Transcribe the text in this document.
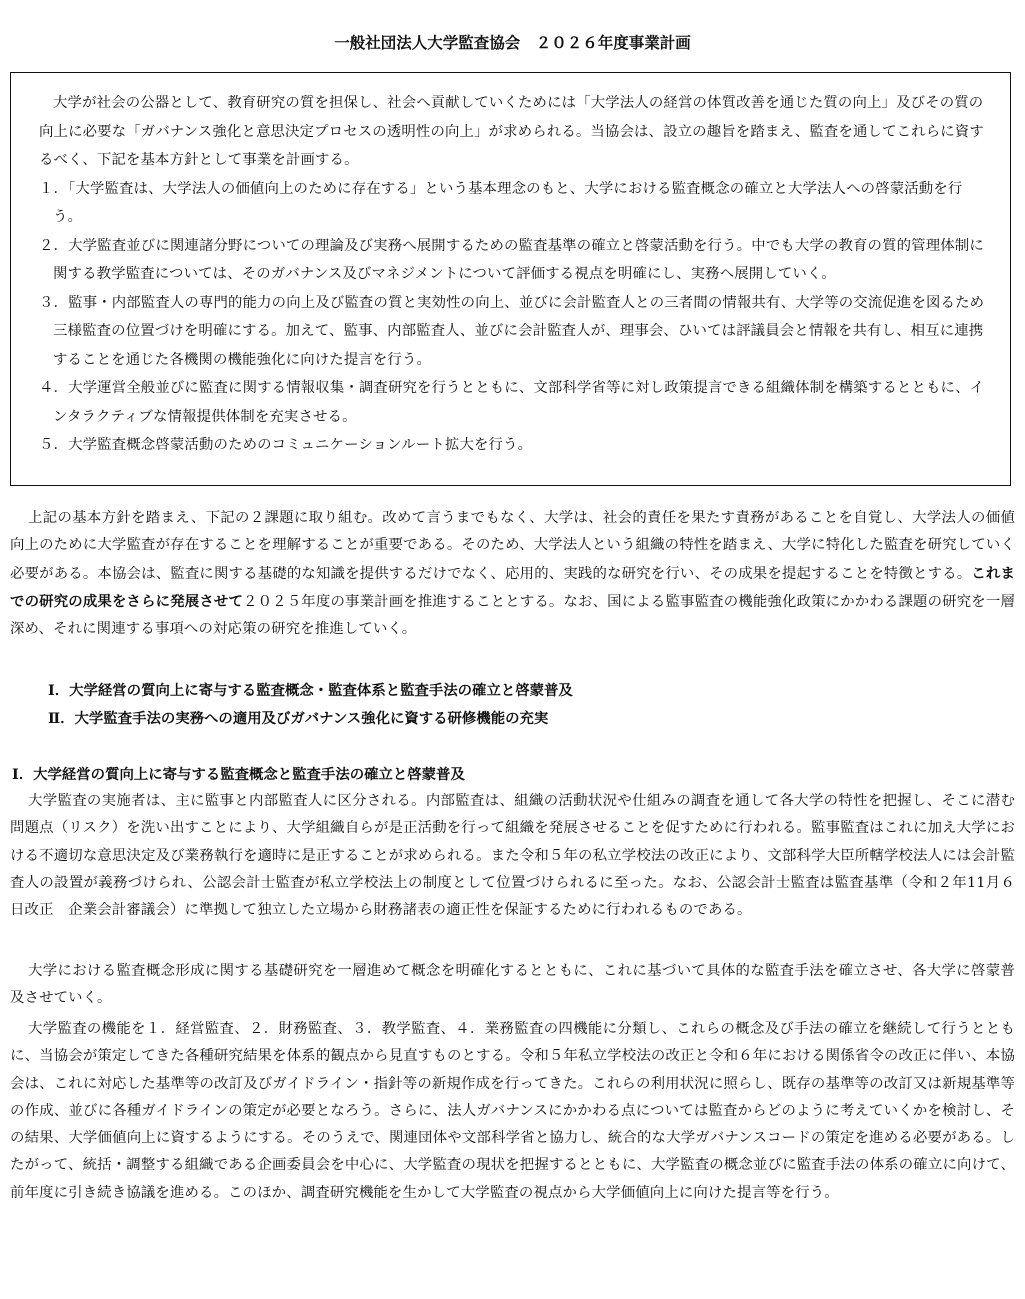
一般社団法人大学監査協会　２０２６年度事業計画

大学が社会の公器として、教育研究の質を担保し、社会へ貢献していくためには「大学法人の経営の体質改善を通じた質の向上」及びその質の向上に必要な「ガバナンス強化と意思決定プロセスの透明性の向上」が求められる。当協会は、設立の趣旨を踏まえ、監査を通してこれらに資するべく、下記を基本方針として事業を計画する。

１．「大学監査は、大学法人の価値向上のために存在する」という基本理念のもと、大学における監査概念の確立と大学法人への啓蒙活動を行う。

２．大学監査並びに関連諸分野についての理論及び実務へ展開するための監査基準の確立と啓蒙活動を行う。中でも大学の教育の質的管理体制に関する教学監査については、そのガバナンス及びマネジメントについて評価する視点を明確にし、実務へ展開していく。

３．監事・内部監査人の専門的能力の向上及び監査の質と実効性の向上、並びに会計監査人との三者間の情報共有、大学等の交流促進を図るため三様監査の位置づけを明確にする。加えて、監事、内部監査人、並びに会計監査人が、理事会、ひいては評議員会と情報を共有し、相互に連携することを通じた各機関の機能強化に向けた提言を行う。

４．大学運営全般並びに監査に関する情報収集・調査研究を行うとともに、文部科学省等に対し政策提言できる組織体制を構築するとともに、インタラクティブな情報提供体制を充実させる。

５．大学監査概念啓蒙活動のためのコミュニケーションルート拡大を行う。

上記の基本方針を踏まえ、下記の２課題に取り組む。改めて言うまでもなく、大学は、社会的責任を果たす責務があることを自覚し、大学法人の価値向上のために大学監査が存在することを理解することが重要である。そのため、大学法人という組織の特性を踏まえ、大学に特化した監査を研究していく必要がある。本協会は、監査に関する基礎的な知識を提供するだけでなく、応用的、実践的な研究を行い、その成果を提起することを特徴とする。これまでの研究の成果をさらに発展させて２０２５年度の事業計画を推進することとする。なお、国による監事監査の機能強化政策にかかわる課題の研究を一層深め、それに関連する事項への対応策の研究を推進していく。

Ⅰ．大学経営の質向上に寄与する監査概念・監査体系と監査手法の確立と啓蒙普及
Ⅱ．大学監査手法の実務への適用及びガバナンス強化に資する研修機能の充実
Ⅰ．大学経営の質向上に寄与する監査概念と監査手法の確立と啓蒙普及

大学監査の実施者は、主に監事と内部監査人に区分される。内部監査は、組織の活動状況や仕組みの調査を通して各大学の特性を把握し、そこに潜む問題点（リスク）を洗い出すことにより、大学組織自らが是正活動を行って組織を発展させることを促すために行われる。監事監査はこれに加え大学における不適切な意思決定及び業務執行を適時に是正することが求められる。また令和５年の私立学校法の改正により、文部科学大臣所轄学校法人には会計監査人の設置が義務づけられ、公認会計士監査が私立学校法上の制度として位置づけられるに至った。なお、公認会計士監査は監査基準（令和２年11月６日改正　企業会計審議会）に準拠して独立した立場から財務諸表の適正性を保証するために行われるものである。

大学における監査概念形成に関する基礎研究を一層進めて概念を明確化するとともに、これに基づいて具体的な監査手法を確立させ、各大学に啓蒙普及させていく。

大学監査の機能を１．経営監査、２．財務監査、３．教学監査、４．業務監査の四機能に分類し、これらの概念及び手法の確立を継続して行うとともに、当協会が策定してきた各種研究結果を体系的観点から見直すものとする。令和５年私立学校法の改正と令和６年における関係省令の改正に伴い、本協会は、これに対応した基準等の改訂及びガイドライン・指針等の新規作成を行ってきた。これらの利用状況に照らし、既存の基準等の改訂又は新規基準等の作成、並びに各種ガイドラインの策定が必要となろう。さらに、法人ガバナンスにかかわる点については監査からどのように考えていくかを検討し、その結果、大学価値向上に資するようにする。そのうえで、関連団体や文部科学省と協力し、統合的な大学ガバナンスコードの策定を進める必要がある。したがって、統括・調整する組織である企画委員会を中心に、大学監査の現状を把握するとともに、大学監査の概念並びに監査手法の体系の確立に向けて、前年度に引き続き協議を進める。このほか、調査研究機能を生かして大学監査の視点から大学価値向上に向けた提言等を行う。
